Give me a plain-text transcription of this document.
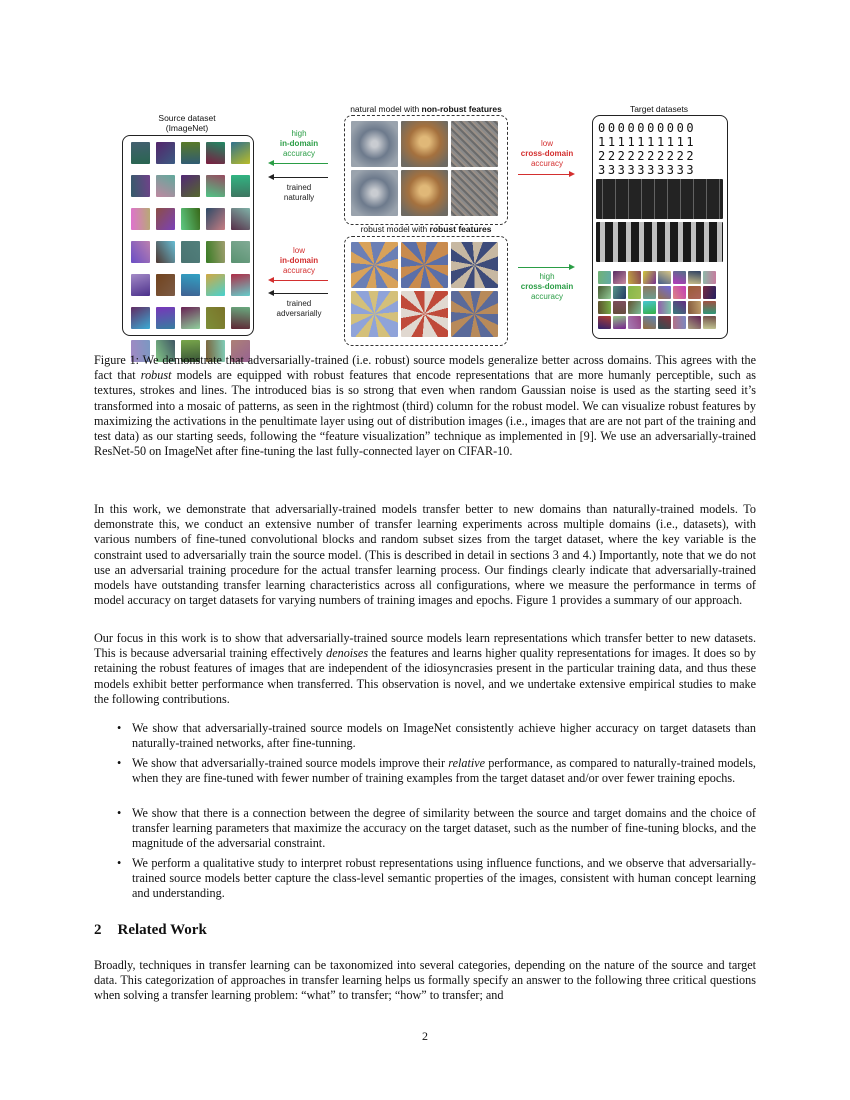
Source dataset
(ImageNet)
high
in-domain
accuracy
trained
naturally
low
in-domain
accuracy
trained
adversarially
natural model with non-robust features
robust model with robust features
low
cross-domain
accuracy
high
cross-domain
accuracy
Target datasets
0000000000
1111111111
2222222222
3333333333
Figure 1: We demonstrate that adversarially-trained (i.e. robust) source models generalize better across domains. This agrees with the fact that robust models are equipped with robust features that encode representations that are more humanly perceptible, such as textures, strokes and lines. The introduced bias is so strong that even when random Gaussian noise is used as the starting seed it’s transformed into a mosaic of patterns, as seen in the rightmost (third) column for the robust model. We can visualize robust features by maximizing the activations in the penultimate layer using out of distribution images (i.e., images that are are not part of the training and test data) as our starting seeds, following the “feature visualization” technique as implemented in [9]. We use an adversarially-trained ResNet-50 on ImageNet after fine-tuning the last fully-connected layer on CIFAR-10.
In this work, we demonstrate that adversarially-trained models transfer better to new domains than naturally-trained models. To demonstrate this, we conduct an extensive number of transfer learning experiments across multiple domains (i.e., datasets), with various numbers of fine-tuned convolutional blocks and random subset sizes from the target dataset, where the key variable is the constraint used to adversarially train the source model. (This is described in detail in sections 3 and 4.) Importantly, note that we do not use an adversarial training procedure for the actual transfer learning process. Our findings clearly indicate that adversarially-trained models have outstanding transfer learning characteristics across all configurations, where we measure the performance in terms of model accuracy on target datasets for varying numbers of training images and epochs. Figure 1 provides a summary of our approach.
Our focus in this work is to show that adversarially-trained source models learn representations which transfer better to new datasets. This is because adversarial training effectively denoises the features and learns higher quality representations for images. It does so by retaining the robust features of images that are independent of the idiosyncrasies present in the particular training data, and thus these models exhibit better performance when transferred. This observation is novel, and we undertake extensive empirical studies to make the following contributions.
• We show that adversarially-trained source models on ImageNet consistently achieve higher accuracy on target datasets than naturally-trained networks, after fine-tunning.
• We show that adversarially-trained source models improve their relative performance, as compared to naturally-trained models, when they are fine-tuned with fewer number of training examples from the target dataset and/or over fewer training epochs.
• We show that there is a connection between the degree of similarity between the source and target domains and the choice of transfer learning parameters that maximize the accuracy on the target dataset, such as the number of fine-tuning blocks, and the magnitude of the adversarial constraint.
• We perform a qualitative study to interpret robust representations using influence functions, and we observe that adversarially-trained source models better capture the class-level semantic properties of the images, consistent with human concept learning and understanding.
2 Related Work
Broadly, techniques in transfer learning can be taxonomized into several categories, depending on the nature of the source and target data. This categorization of approaches in transfer learning helps us formally specify an answer to the following three critical questions when solving a transfer learning problem: “what” to transfer; “how” to transfer; and
2
